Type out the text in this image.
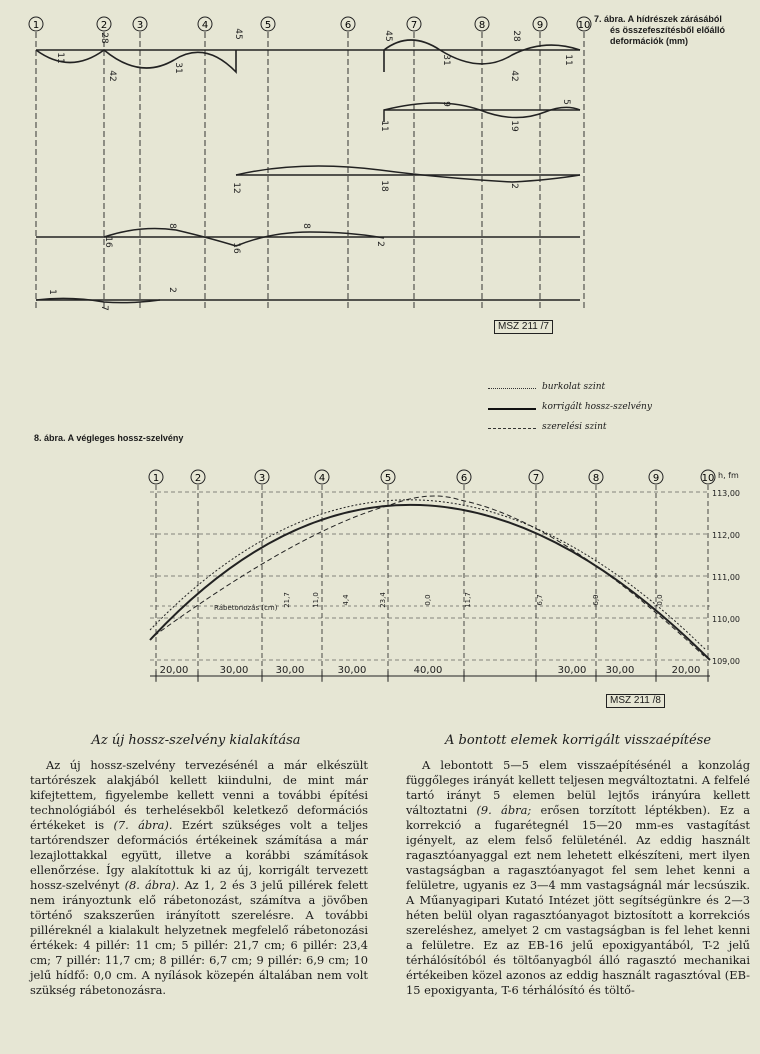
1	2	3	4	5	6	7	8	9	10
11
28
42
31
45	45
31
42
28
11
11
9
19
5
12	18	2
16
8
16
8
2
1
7
2
7. ábra. A hídrészek zárásából
és összefeszítésből előálló
deformációk (mm)
MSZ 211 /7
burkolat szint
korrigált hossz-szelvény
szerelési szint
8. ábra. A végleges hossz-szelvény
1	2	3	4	5	6	7	8	9	10 h, fm
113,00
112,00
111,00
110,00
109,00
Rábetonozás (cm)
21,7	11,0	4,4	23,4	0,0	11,7	6,7	6,9	0,0
20,00	30,00	30,00	30,00	40,00	30,00 30,00	20,00
MSZ 211 /8
Az új hossz-szelvény kialakítása	A bontott elemek korrigált visszaépítése

Az új hossz-szelvény tervezésénél a már elkészült tartórészek alakjából kellett kiindulni, de mint már kifejtettem, figyelembe kellett venni a további építési technológiából és terhelésekből keletkező deformációs értékeket is (7. ábra). Ezért szükséges volt a teljes tartórendszer deformációs értékeinek számítása a már lezajlottakkal együtt, illetve a korábbi számítások ellenőrzése. Így alakítottuk ki az új, korrigált tervezett hossz-szelvényt (8. ábra). Az 1, 2 és 3 jelű pillérek felett nem irányoztunk elő rábetonozást, számítva a jövőben történő szakszerűen irányított szerelésre. A további pilléreknél a kialakult helyzetnek megfelelő rábetonozási értékek: 4 pillér: 11 cm; 5 pillér: 21,7 cm; 6 pillér: 23,4 cm; 7 pillér: 11,7 cm; 8 pillér: 6,7 cm; 9 pillér: 6,9 cm; 10 jelű hídfő: 0,0 cm. A nyílások közepén általában nem volt szükség rábetonozásra.

A lebontott 5—5 elem visszaépítésénél a konzolág függőleges irányát kellett teljesen megváltoztatni. A felfelé tartó irányt 5 elemen belül lejtős irányúra kellett változtatni (9. ábra; erősen torzított léptékben). Ez a korrekció a fugarétegnél 15—20 mm-es vastagítást igényelt, az elem felső felületénél. Az eddig használt ragasztóanyaggal ezt nem lehetett elkészíteni, mert ilyen vastagságban a ragasztóanyagot fel sem lehet kenni a felületre, ugyanis ez 3—4 mm vastagságnál már lecsúszik. A Műanyagipari Kutató Intézet jött segítségünkre és 2—3 héten belül olyan ragasztóanyagot biztosított a korrekciós szereléshez, amelyet 2 cm vastagságban is fel lehet kenni a felületre. Ez az EB-16 jelű epoxigyantából, T-2 jelű térhálósítóból és töltőanyagból álló ragasztó mechanikai értékeiben közel azonos az eddig használt ragasztóval (EB-15 epoxigyanta, T-6 térhálósító és töltő-
